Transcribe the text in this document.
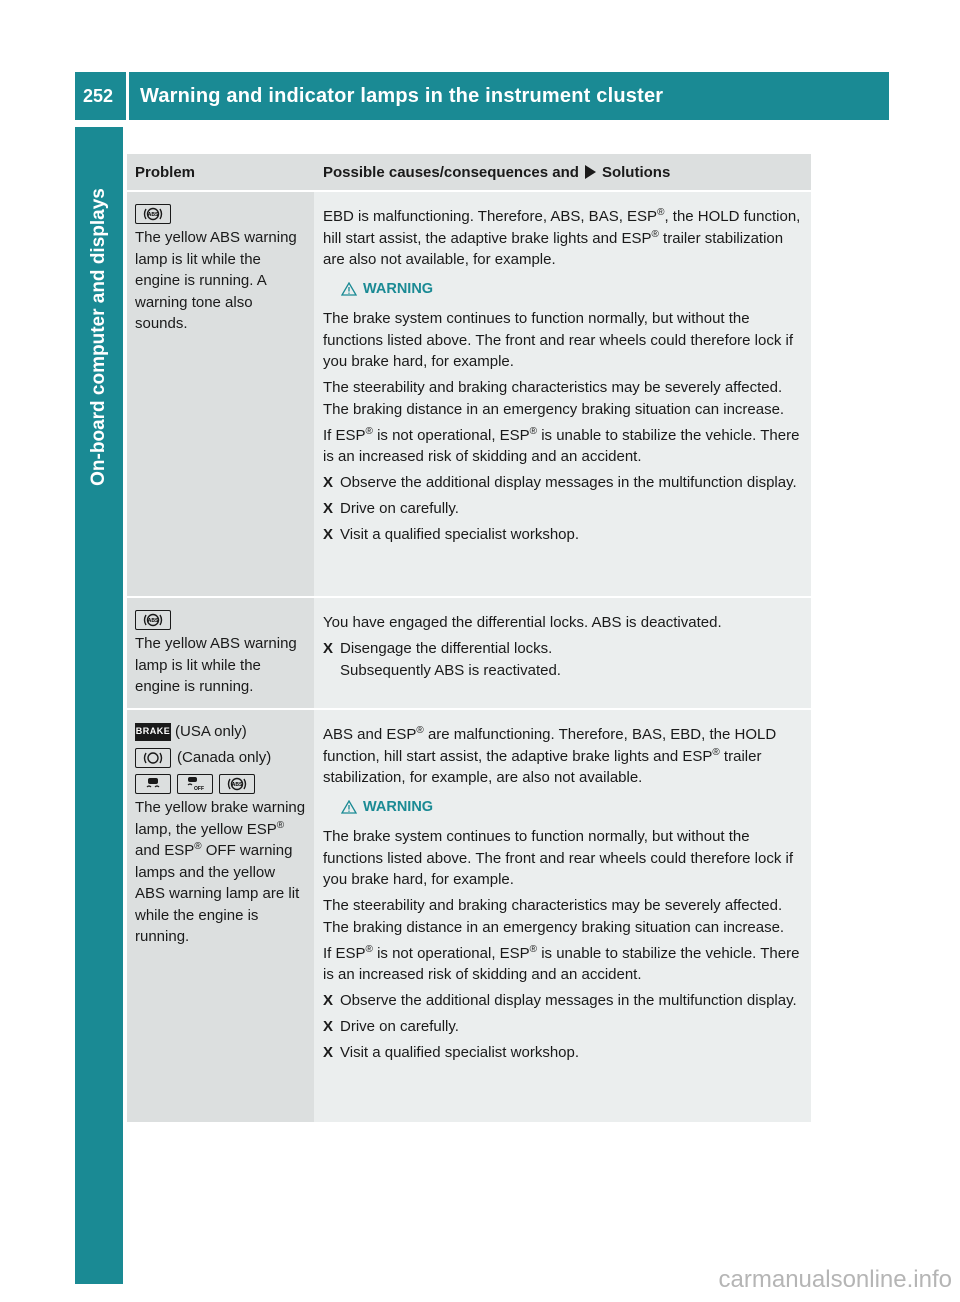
252	Warning and indicator lamps in the instrument cluster
On-board computer and displays
Problem	Possible causes/consequences and Solutions
ABS
The yellow ABS warning lamp is lit while the engine is running. A warning tone also sounds.

EBD is malfunctioning. Therefore, ABS, BAS, ESP®, the HOLD function, hill start assist, the adaptive brake lights and ESP® trailer stabilization are also not available, for example.

WARNING

The brake system continues to function normally, but without the functions listed above. The front and rear wheels could therefore lock if you brake hard, for example.

The steerability and braking characteristics may be severely affected. The braking distance in an emergency braking situation can increase.

If ESP® is not operational, ESP® is unable to stabilize the vehicle. There is an increased risk of skidding and an accident.

X Observe the additional display messages in the multifunction display.
X Drive on carefully.
X Visit a qualified specialist workshop.
ABS
The yellow ABS warning lamp is lit while the engine is running.

You have engaged the differential locks. ABS is deactivated.

X Disengage the differential locks.
Subsequently ABS is reactivated.
BRAKE (USA only)
(Canada only)
OFF
ABS
The yellow brake warning lamp, the yellow ESP® and ESP® OFF warning lamps and the yellow ABS warning lamp are lit while the engine is running.

ABS and ESP® are malfunctioning. Therefore, BAS, EBD, the HOLD function, hill start assist, the adaptive brake lights and ESP® trailer stabilization, for example, are also not available.

WARNING

The brake system continues to function normally, but without the functions listed above. The front and rear wheels could therefore lock if you brake hard, for example.

The steerability and braking characteristics may be severely affected. The braking distance in an emergency braking situation can increase.

If ESP® is not operational, ESP® is unable to stabilize the vehicle. There is an increased risk of skidding and an accident.

X Observe the additional display messages in the multifunction display.
X Drive on carefully.
X Visit a qualified specialist workshop.
carmanualsonline.info
